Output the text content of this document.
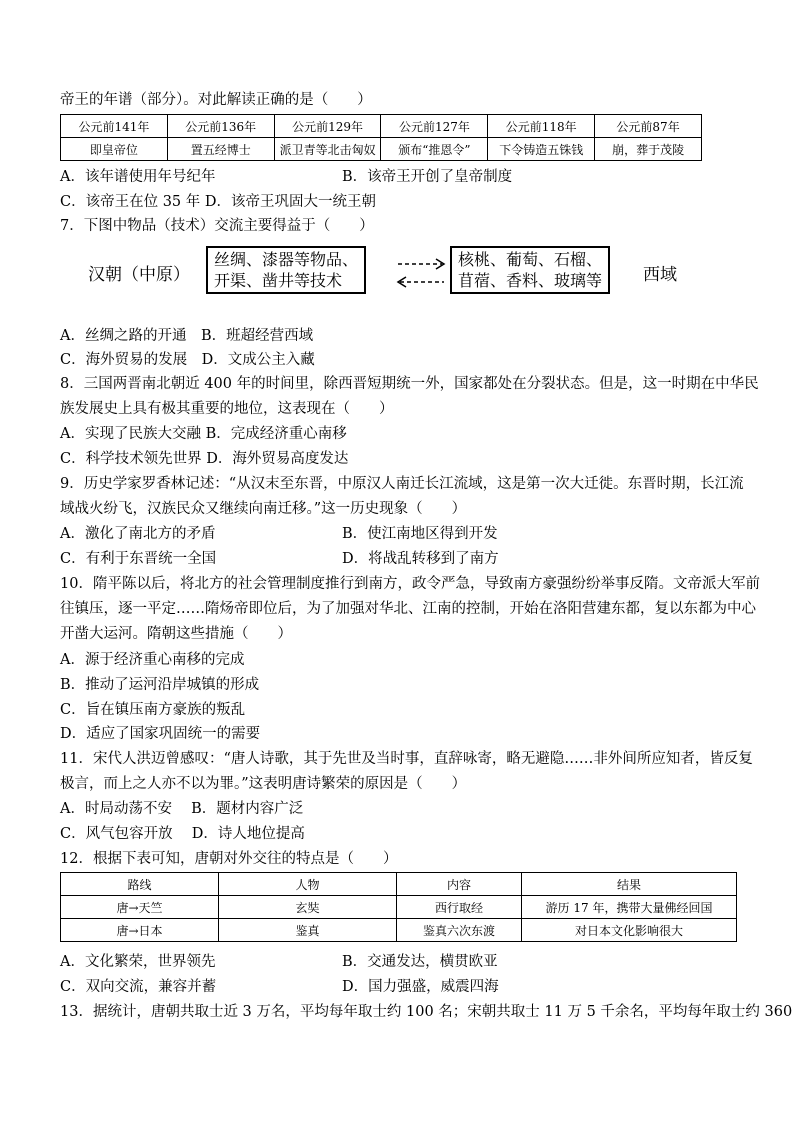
帝王的年谱（部分）。对此解读正确的是（　　）
公元前141年	公元前136年	公元前129年	公元前127年	公元前118年	公元前87年
即皇帝位	置五经博士	派卫青等北击匈奴	颁布“推恩令”	下令铸造五铢钱	崩，葬于茂陵
A．该年谱使用年号纪年	B．该帝王开创了皇帝制度
C．该帝王在位 35 年 D．该帝王巩固大一统王朝
7．下图中物品（技术）交流主要得益于（　　）
汉朝（中原）
丝绸、漆器等物品、
开渠、凿井等技术
核桃、葡萄、石榴、
苜蓿、香料、玻璃等 西域
A．丝绸之路的开通　B．班超经营西域
C．海外贸易的发展　D．文成公主入藏
8．三国两晋南北朝近 400 年的时间里，除西晋短期统一外，国家都处在分裂状态。但是，这一时期在中华民
族发展史上具有极其重要的地位，这表现在（　　）
A．实现了民族大交融 B．完成经济重心南移
C．科学技术领先世界 D．海外贸易高度发达
9．历史学家罗香林记述：“从汉末至东晋，中原汉人南迁长江流域，这是第一次大迁徙。东晋时期，长江流
域战火纷飞，汉族民众又继续向南迁移。”这一历史现象（　　）
A．激化了南北方的矛盾	B．使江南地区得到开发
C．有利于东晋统一全国	D．将战乱转移到了南方
10．隋平陈以后，将北方的社会管理制度推行到南方，政令严急，导致南方豪强纷纷举事反隋。文帝派大军前
往镇压，逐一平定……隋炀帝即位后，为了加强对华北、江南的控制，开始在洛阳营建东都，复以东都为中心
开凿大运河。隋朝这些措施（　　）
A．源于经济重心南移的完成
B．推动了运河沿岸城镇的形成
C．旨在镇压南方豪族的叛乱
D．适应了国家巩固统一的需要
11．宋代人洪迈曾感叹：“唐人诗歌，其于先世及当时事，直辞咏寄，略无避隐……非外间所应知者，皆反复
极言，而上之人亦不以为罪。”这表明唐诗繁荣的原因是（　　）
A．时局动荡不安　 B．题材内容广泛
C．风气包容开放　 D．诗人地位提高
12．根据下表可知，唐朝对外交往的特点是（　　）
路线	人物	内容	结果
唐→天竺	玄奘	西行取经	游历 17 年，携带大量佛经回国
唐→日本	鉴真	鉴真六次东渡	对日本文化影响很大
A．文化繁荣，世界领先	B．交通发达，横贯欧亚
C．双向交流，兼容并蓄	D．国力强盛，威震四海
13．据统计，唐朝共取士近 3 万名，平均每年取士约 100 名；宋朝共取士 11 万 5 千余名，平均每年取士约 360
